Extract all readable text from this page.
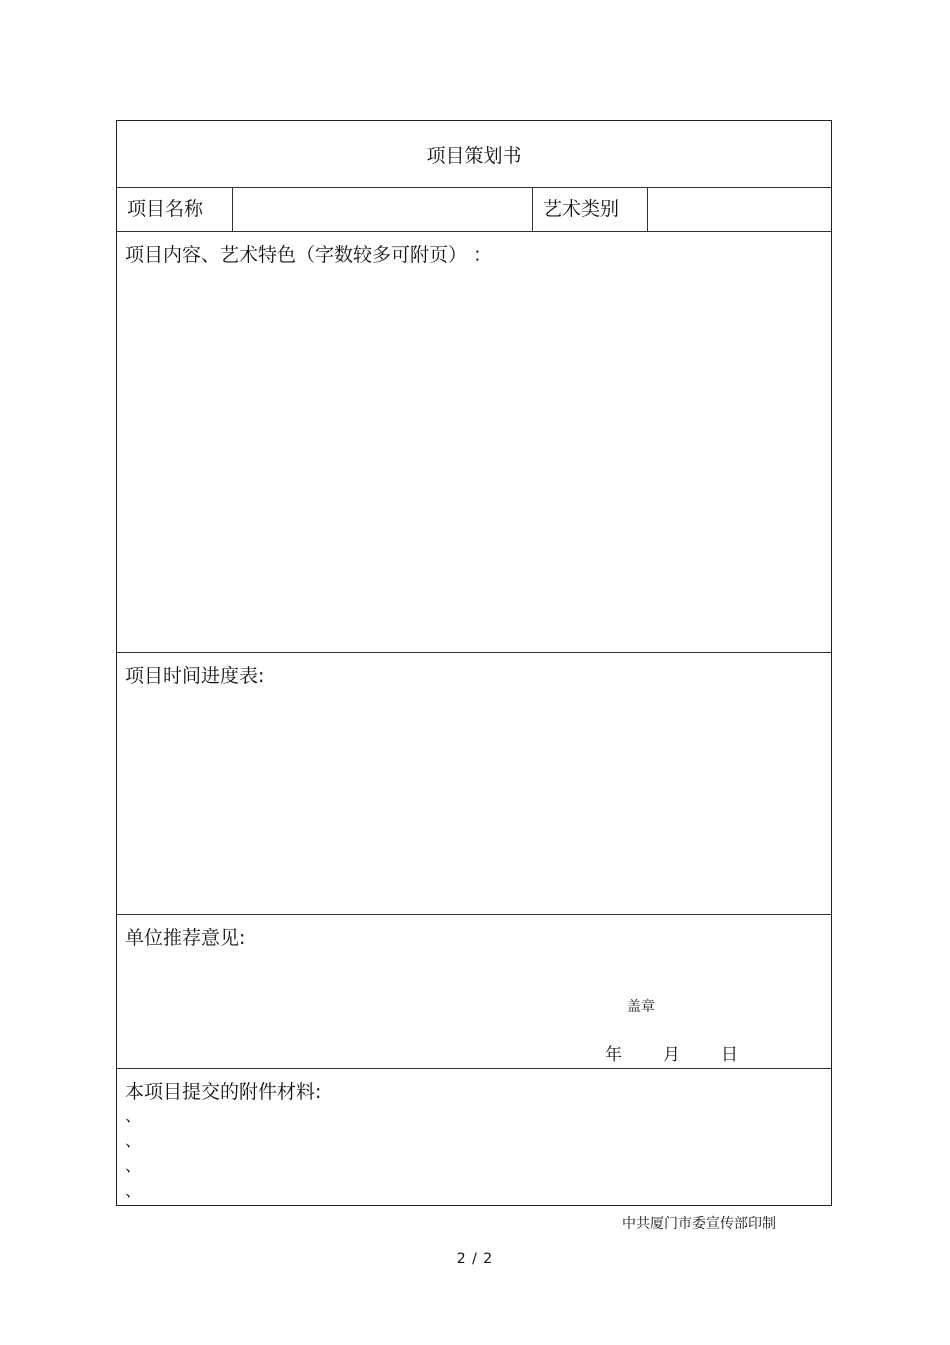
项目策划书
项目名称	艺术类别
项目内容、艺术特色（字数较多可附页） ：
项目时间进度表:
单位推荐意见:
盖章
年 月 日
本项目提交的附件材料:
、
、
、
、
中共厦门市委宣传部印制
2 / 2
